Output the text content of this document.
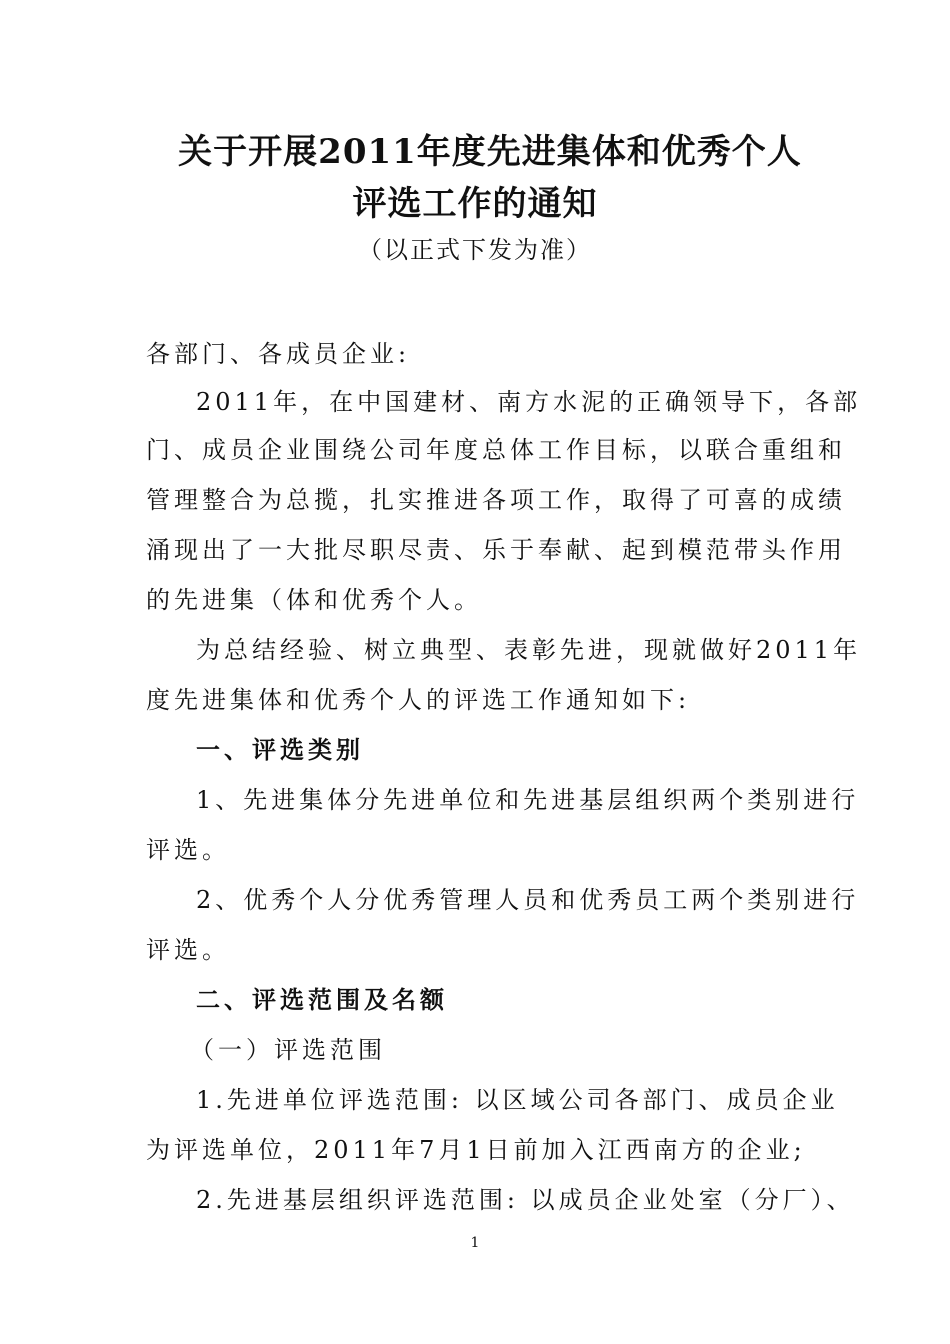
关于开展2011年度先进集体和优秀个人
评选工作的通知
（以正式下发为准）
各部门、各成员企业:
2011年，在中国建材、南方水泥的正确领导下，各部
门、成员企业围绕公司年度总体工作目标，以联合重组和
管理整合为总揽，扎实推进各项工作，取得了可喜的成绩
涌现出了一大批尽职尽责、乐于奉献、起到模范带头作用
的先进集（体和优秀个人。
为总结经验、树立典型、表彰先进，现就做好2011年
度先进集体和优秀个人的评选工作通知如下:
一、评选类别
1、先进集体分先进单位和先进基层组织两个类别进行
评选。
2、优秀个人分优秀管理人员和优秀员工两个类别进行
评选。
二、评选范围及名额
（一）评选范围
1.先进单位评选范围: 以区域公司各部门、成员企业
为评选单位，2011年7月1日前加入江西南方的企业;
2.先进基层组织评选范围: 以成员企业处室（分厂）、
1
